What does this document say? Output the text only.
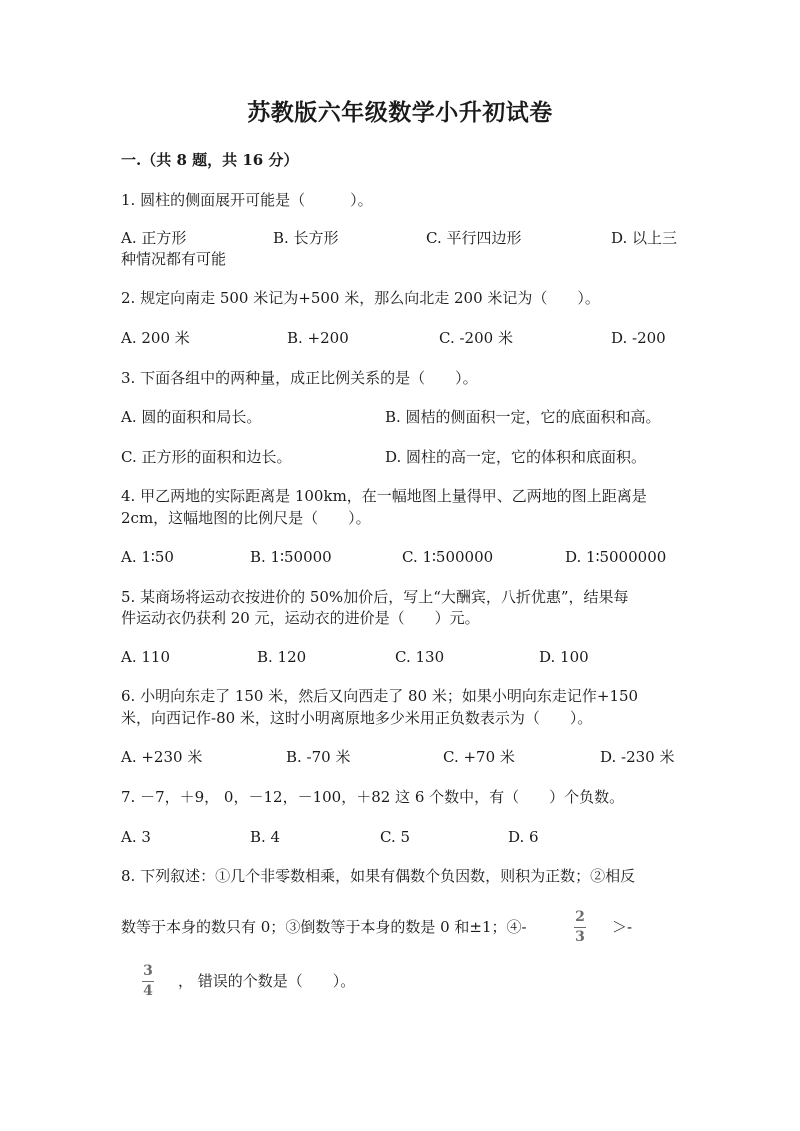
苏教版六年级数学小升初试卷
一.（共 8 题，共 16 分）
1. 圆柱的侧面展开可能是（　　　）。
A. 正方形	B. 长方形	C. 平行四边形	D. 以上三
种情况都有可能
2. 规定向南走 500 米记为+500 米，那么向北走 200 米记为（　　）。
A. 200 米	B. +200	C. -200 米	D. -200
3. 下面各组中的两种量，成正比例关系的是（　　）。
A. 圆的面积和局长。	B. 圆桔的侧面积一定，它的底面积和高。
C. 正方形的面积和边长。	D. 圆柱的高一定，它的体积和底面积。
4. 甲乙两地的实际距离是 100km，在一幅地图上量得甲、乙两地的图上距离是
2cm，这幅地图的比例尺是（　　）。
A. 1∶50	B. 1∶50000	C. 1∶500000	D. 1∶5000000
5. 某商场将运动衣按进价的 50%加价后，写上“大酬宾，八折优惠”，结果每
件运动衣仍获利 20 元，运动衣的进价是（　　）元。
A. 110	B. 120	C. 130	D. 100
6. 小明向东走了 150 米，然后又向西走了 80 米；如果小明向东走记作+150
米，向西记作-80 米，这时小明离原地多少米用正负数表示为（　　）。
A. +230 米	B. -70 米	C. +70 米	D. -230 米
7. －7，＋9， 0，－12，－100，＋82 这 6 个数中，有（　　）个负数。
A. 3	B. 4	C. 5	D. 6
8. 下列叙述：①几个非零数相乘，如果有偶数个负因数，则积为正数；②相反
数等于本身的数只有 0；③倒数等于本身的数是 0 和±1；④-
2
3
＞-
3
4
， 错误的个数是（　　）。
